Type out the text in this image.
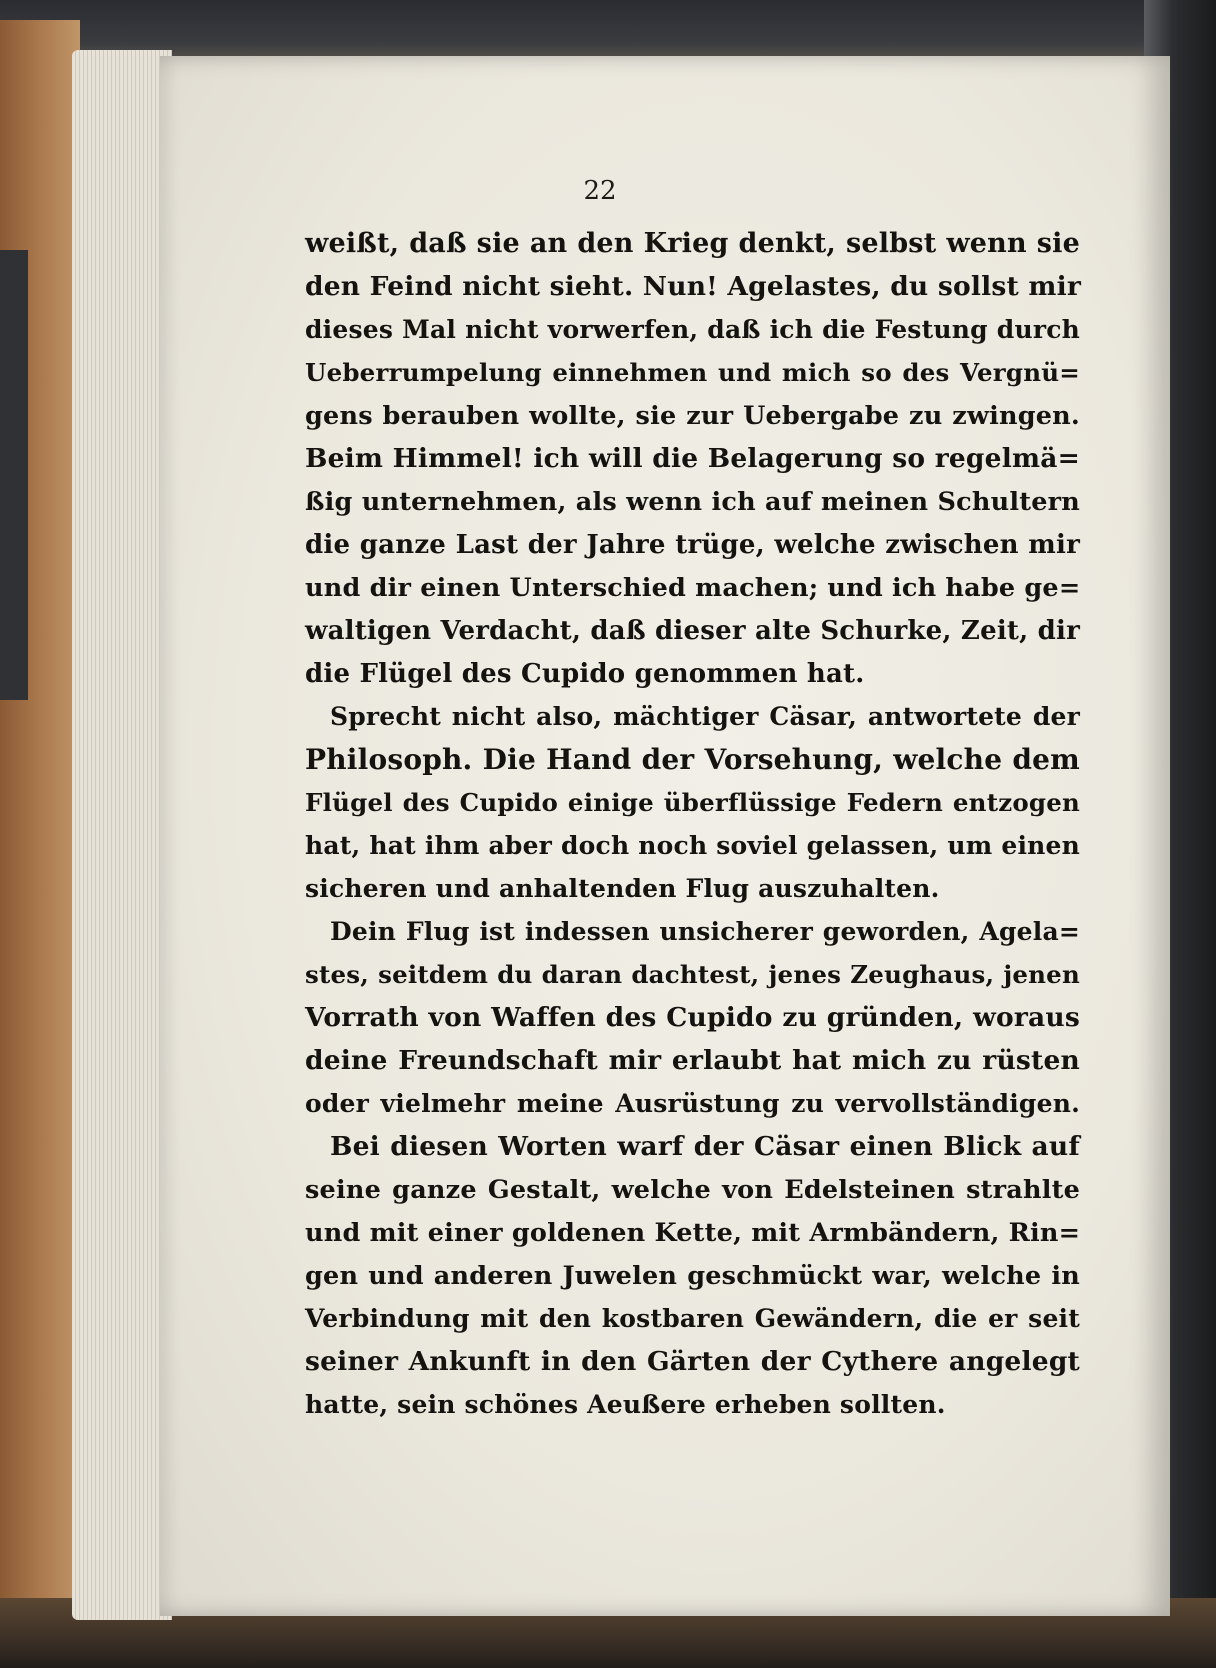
22
weißt, daß sie an den Krieg denkt, selbst wenn sie
den Feind nicht sieht. Nun! Agelastes, du sollst mir
dieses Mal nicht vorwerfen, daß ich die Festung durch
Ueberrumpelung einnehmen und mich so des Vergnü=
gens berauben wollte, sie zur Uebergabe zu zwingen.
Beim Himmel! ich will die Belagerung so regelmä=
ßig unternehmen, als wenn ich auf meinen Schultern
die ganze Last der Jahre trüge, welche zwischen mir
und dir einen Unterschied machen; und ich habe ge=
waltigen Verdacht, daß dieser alte Schurke, Zeit, dir
die Flügel des Cupido genommen hat.
Sprecht nicht also, mächtiger Cäsar, antwortete der
Philosoph. Die Hand der Vorsehung, welche dem
Flügel des Cupido einige überflüssige Federn entzogen
hat, hat ihm aber doch noch soviel gelassen, um einen
sicheren und anhaltenden Flug auszuhalten.
Dein Flug ist indessen unsicherer geworden, Agela=
stes, seitdem du daran dachtest, jenes Zeughaus, jenen
Vorrath von Waffen des Cupido zu gründen, woraus
deine Freundschaft mir erlaubt hat mich zu rüsten
oder vielmehr meine Ausrüstung zu vervollständigen.
Bei diesen Worten warf der Cäsar einen Blick auf
seine ganze Gestalt, welche von Edelsteinen strahlte
und mit einer goldenen Kette, mit Armbändern, Rin=
gen und anderen Juwelen geschmückt war, welche in
Verbindung mit den kostbaren Gewändern, die er seit
seiner Ankunft in den Gärten der Cythere angelegt
hatte, sein schönes Aeußere erheben sollten.
